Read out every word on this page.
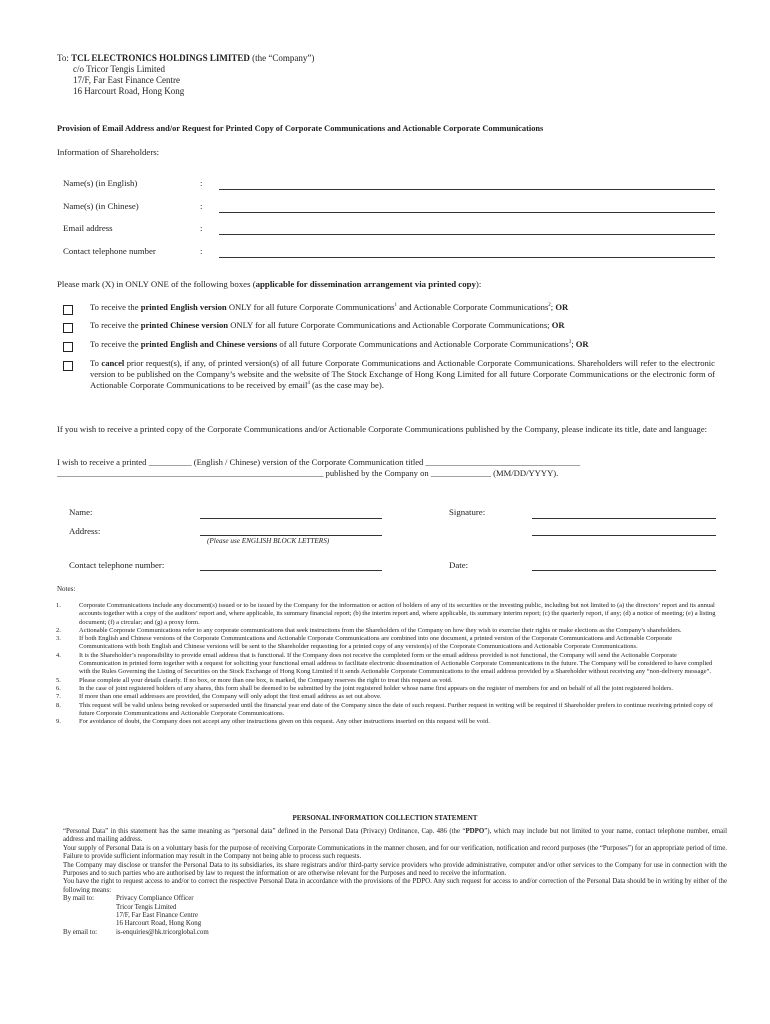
To: TCL ELECTRONICS HOLDINGS LIMITED (the “Company”)
c/o Tricor Tengis Limited
17/F, Far East Finance Centre
16 Harcourt Road, Hong Kong
Provision of Email Address and/or Request for Printed Copy of Corporate Communications and Actionable Corporate Communications
Information of Shareholders:
Name(s) (in English)	:
Name(s) (in Chinese)	:
Email address	:
Contact telephone number	:
Please mark (X) in ONLY ONE of the following boxes (applicable for dissemination arrangement via printed copy):
To receive the printed English version ONLY for all future Corporate Communications$^1$ and Actionable Corporate Communications$^2$; OR
To receive the printed Chinese version ONLY for all future Corporate Communications and Actionable Corporate Communications; OR
To receive the printed English and Chinese versions of all future Corporate Communications and Actionable Corporate Communications$^3$; OR
To cancel prior request(s), if any, of printed version(s) of all future Corporate Communications and Actionable Corporate Communications. Shareholders will refer to the electronic version to be published on the Company’s website and the website of The Stock Exchange of Hong Kong Limited for all future Corporate Communications or the electronic form of Actionable Corporate Communications to be received by email$^4$ (as the case may be).
If you wish to receive a printed copy of the Corporate Communications and/or Actionable Corporate Communications published by the Company, please indicate its title, date and language:
I wish to receive a printed __________ (English / Chinese) version of the Corporate Communication titled ____________________________________
______________________________________________________________ published by the Company on ______________ (MM/DD/YYYY).
Name:
Address:
(Please use ENGLISH BLOCK LETTERS)
Contact telephone number:
Signature:
Date:
Notes:
1.	Corporate Communications include any document(s) issued or to be issued by the Company for the information or action of holders of any of its securities or the investing public, including but not limited to (a) the directors’ report and its annual accounts together with a copy of the auditors’ report and, where applicable, its summary financial report; (b) the interim report and, where applicable, its summary interim report; (c) the quarterly report, if any; (d) a notice of meeting; (e) a listing document; (f) a circular; and (g) a proxy form.
2.	Actionable Corporate Communications refer to any corporate communications that seek instructions from the Shareholders of the Company on how they wish to exercise their rights or make elections as the Company’s shareholders.
3.	If both English and Chinese versions of the Corporate Communications and Actionable Corporate Communications are combined into one document, a printed version of the Corporate Communications and Actionable Corporate Communications with both English and Chinese versions will be sent to the Shareholder requesting for a printed copy of any version(s) of the Corporate Communications and Actionable Corporate Communications.
4.	It is the Shareholder’s responsibility to provide email address that is functional. If the Company does not receive the completed form or the email address provided is not functional, the Company will send the Actionable Corporate Communication in printed form together with a request for soliciting your functional email address to facilitate electronic dissemination of Actionable Corporate Communications in the future. The Company will be considered to have complied with the Rules Governing the Listing of Securities on the Stock Exchange of Hong Kong Limited if it sends Actionable Corporate Communications to the email address provided by a Shareholder without receiving any “non-delivery message”.
5.	Please complete all your details clearly. If no box, or more than one box, is marked, the Company reserves the right to treat this request as void.
6.	In the case of joint registered holders of any shares, this form shall be deemed to be submitted by the joint registered holder whose name first appears on the register of members for and on behalf of all the joint registered holders.
7.	If more than one email addresses are provided, the Company will only adopt the first email address as set out above.
8.	This request will be valid unless being revoked or superseded until the financial year end date of the Company since the date of such request. Further request in writing will be required if Shareholder prefers to continue receiving printed copy of future Corporate Communications and Actionable Corporate Communications.
9.	For avoidance of doubt, the Company does not accept any other instructions given on this request. Any other instructions inserted on this request will be void.
PERSONAL INFORMATION COLLECTION STATEMENT

“Personal Data” in this statement has the same meaning as “personal data” defined in the Personal Data (Privacy) Ordinance, Cap. 486 (the “PDPO”), which may include but not limited to your name, contact telephone number, email address and mailing address.

Your supply of Personal Data is on a voluntary basis for the purpose of receiving Corporate Communications in the manner chosen, and for our verification, notification and record purposes (the “Purposes”) for an appropriate period of time. Failure to provide sufficient information may result in the Company not being able to process such requests.

The Company may disclose or transfer the Personal Data to its subsidiaries, its share registrars and/or third-party service providers who provide administrative, computer and/or other services to the Company for use in connection with the Purposes and to such parties who are authorised by law to request the information or are otherwise relevant for the Purposes and need to receive the information.

You have the right to request access to and/or to correct the respective Personal Data in accordance with the provisions of the PDPO. Any such request for access to and/or correction of the Personal Data should be in writing by either of the following means:

By mail to:	Privacy Compliance Officer
Tricor Tengis Limited
17/F, Far East Finance Centre
16 Harcourt Road, Hong Kong
By email to:	is-enquiries@hk.tricorglobal.com
